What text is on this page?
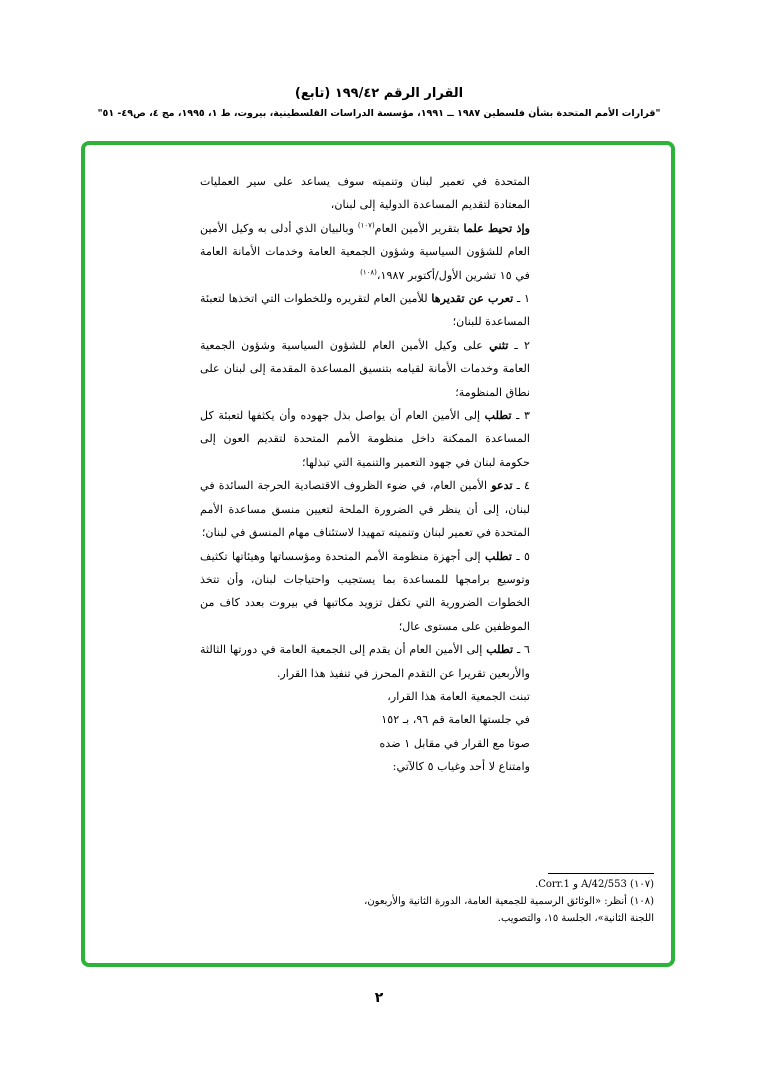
(تابع) القرار الرقم ١٩٩/٤٢
"قرارات الأمم المتحدة بشأن فلسطين ١٩٨٧ ــ ١٩٩١، مؤسسة الدراسات الفلسطينية، بيروت، ط ١، ١٩٩٥، مج ٤، ص٤٩- ٥١"

المتحدة في تعمير لبنان وتنميته سوف يساعد على سير العمليات المعتادة لتقديم المساعدة الدولية إلى لبنان،

وإذ تحيط علما بتقرير الأمين العام$^{(١٠٧)}$ وبالبيان الذي أدلى به وكيل الأمين العام للشؤون السياسية وشؤون الجمعية العامة وخدمات الأمانة العامة في ١٥ تشرين الأول/أكتوبر ١٩٨٧،$^{(١٠٨)}$

١ ـ تعرب عن تقديرها للأمين العام لتقريره وللخطوات التي اتخذها لتعبئة المساعدة للبنان؛

٢ ـ تثني على وكيل الأمين العام للشؤون السياسية وشؤون الجمعية العامة وخدمات الأمانة لقيامه بتنسيق المساعدة المقدمة إلى لبنان على نطاق المنظومة؛

٣ ـ تطلب إلى الأمين العام أن يواصل بذل جهوده وأن يكثفها لتعبئة كل المساعدة الممكنة داخل منظومة الأمم المتحدة لتقديم العون إلى حكومة لبنان في جهود التعمير والتنمية التي تبذلها؛

٤ ـ تدعو الأمين العام، في ضوء الظروف الاقتصادية الحرجة السائدة في لبنان، إلى أن ينظر في الضرورة الملحة لتعيين منسق مساعدة الأمم المتحدة في تعمير لبنان وتنميته تمهيدا لاستئناف مهام المنسق في لبنان؛

٥ ـ تطلب إلى أجهزة منظومة الأمم المتحدة ومؤسساتها وهيئاتها تكثيف وتوسيع برامجها للمساعدة بما يستجيب واحتياجات لبنان، وأن تتخذ الخطوات الضرورية التي تكفل تزويد مكاتبها في بيروت بعدد كاف من الموظفين على مستوى عال؛

٦ ـ تطلب إلى الأمين العام أن يقدم إلى الجمعية العامة في دورتها الثالثة والأربعين تقريرا عن التقدم المحرز في تنفيذ هذا القرار.

تبنت الجمعية العامة هذا القرار،

في جلستها العامة قم ٩٦، بـ ١٥٢

صوتا مع القرار في مقابل ١ ضده

وامتناع لا أحد وغياب ٥ كالآتي:

(١٠٧) A/42/553 و Corr.1.

(١٠٨) أنظر: «الوثائق الرسمية للجمعية العامة، الدورة الثانية والأربعون،

اللجنة الثانية»، الجلسة ١٥، والتصويب.

٢
